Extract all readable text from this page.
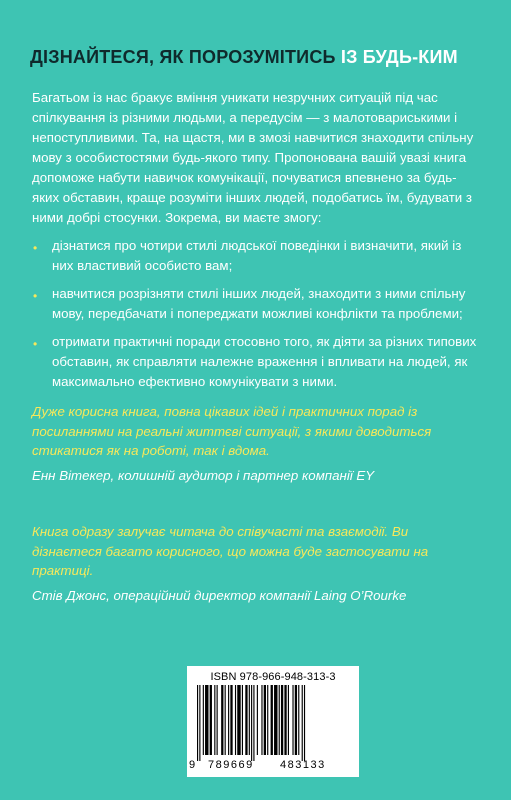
ДІЗНАЙТЕСЯ, ЯК ПОРОЗУМІТИСЬ ІЗ БУДЬ-КИМ

Багатьом із нас бракує вміння уникати незручних ситуацій під час спілкування із різними людьми, а передусім — з малотовариськими і непоступливими. Та, на щастя, ми в змозі навчитися знаходити спільну мову з особистостями будь-якого типу. Пропонована вашій увазі книга допоможе набути навичок комунікації, почуватися впевнено за будь-яких обставин, краще розуміти інших людей, подобатись їм, будувати з ними добрі стосунки. Зокрема, ви маєте змогу:

• дізнатися про чотири стилі людської поведінки і визначити, який із них властивий особисто вам;
• навчитися розрізняти стилі інших людей, знаходити з ними спільну мову, передбачати і попереджати можливі конфлікти та проблеми;
• отримати практичні поради стосовно того, як діяти за різних типових обставин, як справляти належне враження і впливати на людей, як максимально ефективно комунікувати з ними.

Дуже корисна книга, повна цікавих ідей і практичних порад із посиланнями на реальні життєві ситуації, з якими доводиться стикатися як на роботі, так і вдома.

Енн Вітекер, колишній аудитор і партнер компанії EY

Книга одразу залучає читача до співучасті та взаємодії. Ви дізнаєтеся багато корисного, що можна буде застосувати на практиці.

Стів Джонс, операційний директор компанії Laing O’Rourke

ISBN 978-966-948-313-3
9 789669 483133
